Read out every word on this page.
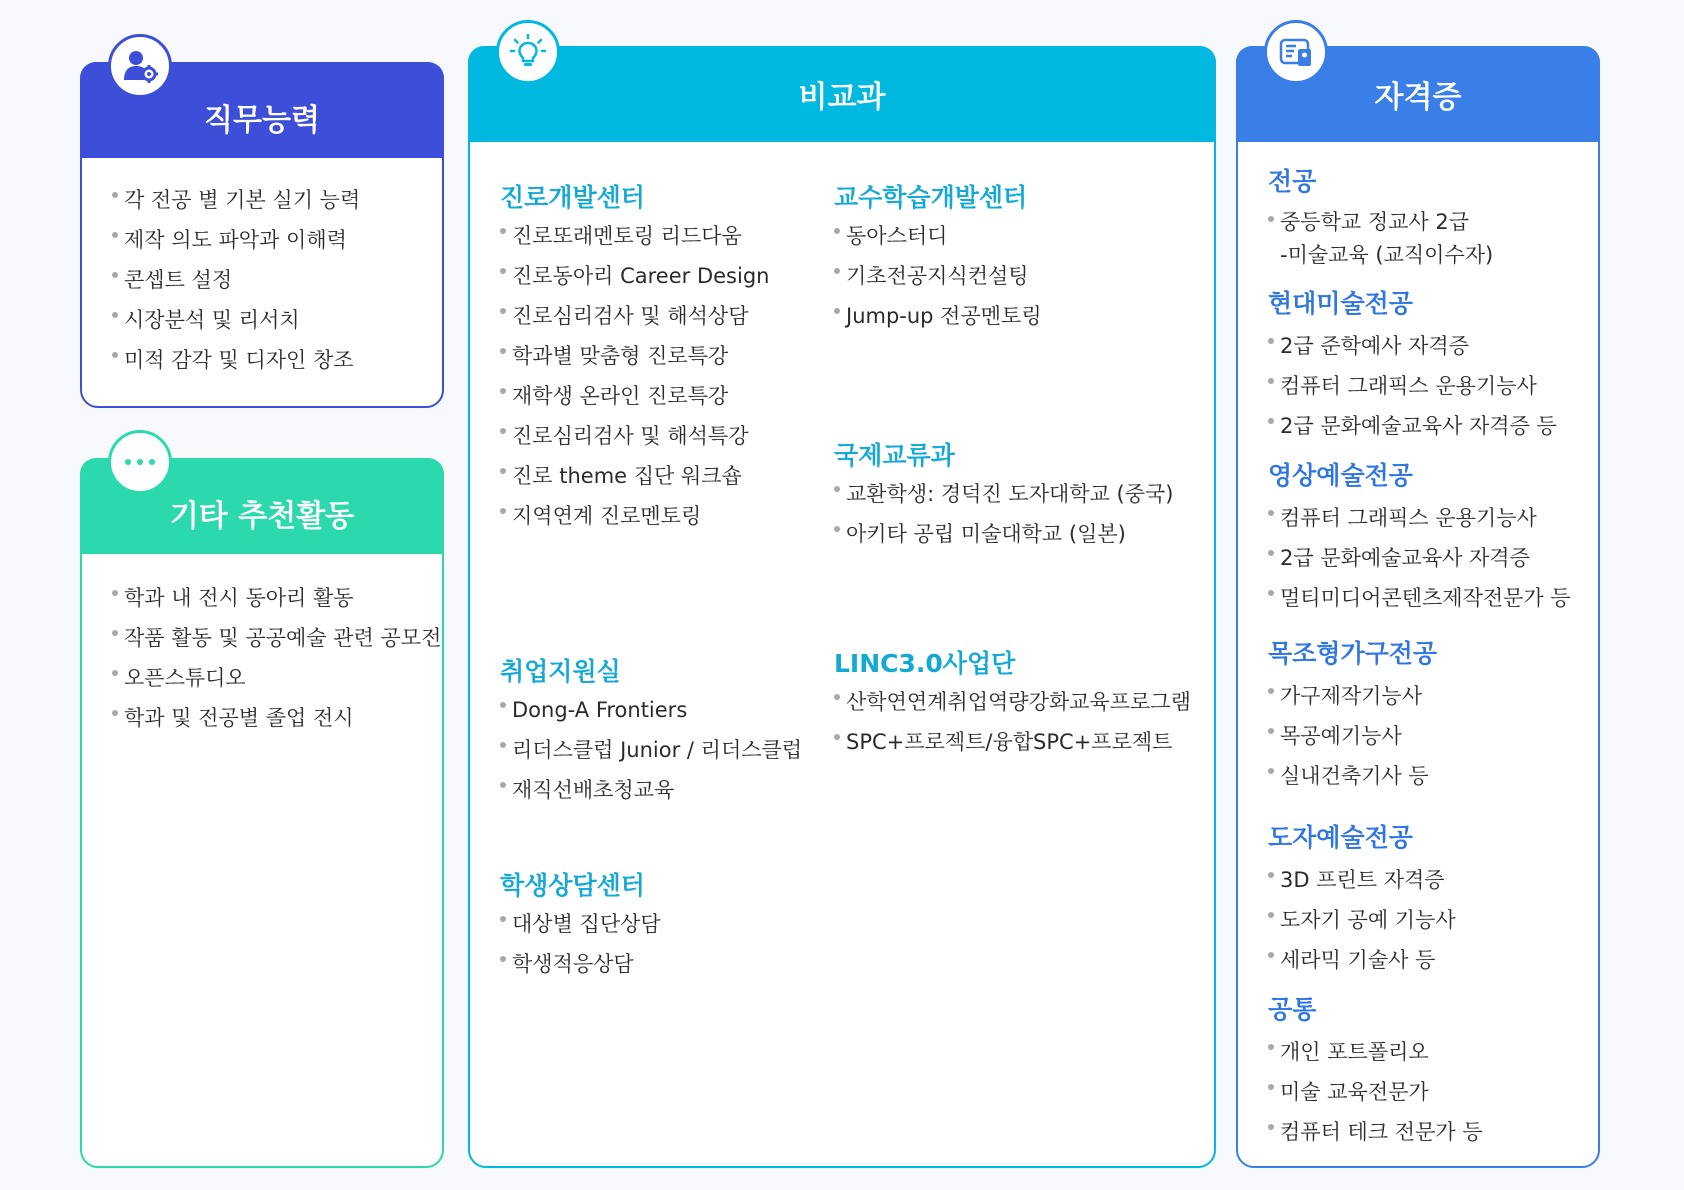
직무능력
각 전공 별 기본 실기 능력
제작 의도 파악과 이해력
콘셉트 설정
시장분석 및 리서치
미적 감각 및 디자인 창조
기타 추천활동
학과 내 전시 동아리 활동
작품 활동 및 공공예술 관련 공모전
오픈스튜디오
학과 및 전공별 졸업 전시
비교과
진로개발센터
진로또래멘토링 리드다움
진로동아리 Career Design
진로심리검사 및 해석상담
학과별 맞춤형 진로특강
재학생 온라인 진로특강
진로심리검사 및 해석특강
진로 theme 집단 워크숍
지역연계 진로멘토링
교수학습개발센터
동아스터디
기초전공지식컨설팅
Jump-up 전공멘토링
국제교류과
교환학생: 경덕진 도자대학교 (중국)
아키타 공립 미술대학교 (일본)
취업지원실
Dong-A Frontiers
리더스클럽 Junior / 리더스클럽
재직선배초청교육
LINC3.0사업단
산학연연계취업역량강화교육프로그램
SPC+프로젝트/융합SPC+프로젝트
학생상담센터
대상별 집단상담
학생적응상담
자격증
전공
중등학교 정교사 2급
-미술교육 (교직이수자)
현대미술전공
2급 준학예사 자격증
컴퓨터 그래픽스 운용기능사
2급 문화예술교육사 자격증 등
영상예술전공
컴퓨터 그래픽스 운용기능사
2급 문화예술교육사 자격증
멀티미디어콘텐츠제작전문가 등
목조형가구전공
가구제작기능사
목공예기능사
실내건축기사 등
도자예술전공
3D 프린트 자격증
도자기 공예 기능사
세라믹 기술사 등
공통
개인 포트폴리오
미술 교육전문가
컴퓨터 테크 전문가 등
